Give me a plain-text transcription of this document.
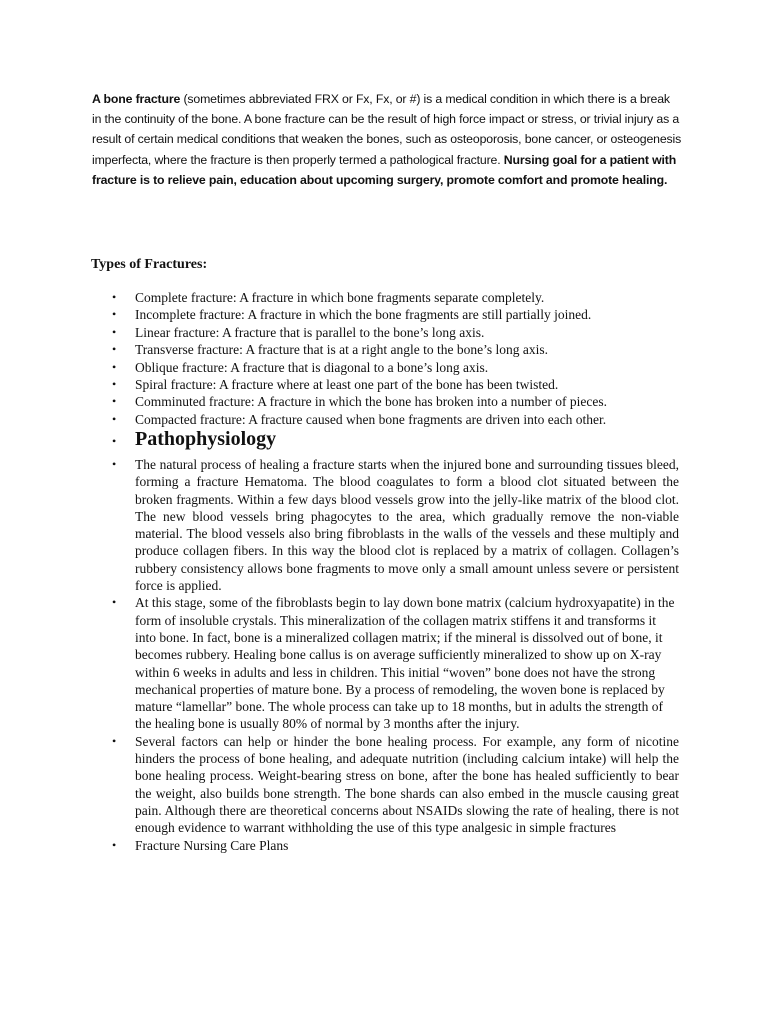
A bone fracture (sometimes abbreviated FRX or Fx, Fx, or #) is a medical condition in which there is a break in the continuity of the bone. A bone fracture can be the result of high force impact or stress, or trivial injury as a result of certain medical conditions that weaken the bones, such as osteoporosis, bone cancer, or osteogenesis imperfecta, where the fracture is then properly termed a pathological fracture. Nursing goal for a patient with fracture is to relieve pain, education about upcoming surgery, promote comfort and promote healing.

Types of Fractures:
• Complete fracture: A fracture in which bone fragments separate completely.
• Incomplete fracture: A fracture in which the bone fragments are still partially joined.
• Linear fracture: A fracture that is parallel to the bone’s long axis.
• Transverse fracture: A fracture that is at a right angle to the bone’s long axis.
• Oblique fracture: A fracture that is diagonal to a bone’s long axis.
• Spiral fracture: A fracture where at least one part of the bone has been twisted.
• Comminuted fracture: A fracture in which the bone has broken into a number of pieces.
• Compacted fracture: A fracture caused when bone fragments are driven into each other.
• Pathophysiology
• The natural process of healing a fracture starts when the injured bone and surrounding tissues bleed, forming a fracture Hematoma. The blood coagulates to form a blood clot situated between the broken fragments. Within a few days blood vessels grow into the jelly-like matrix of the blood clot. The new blood vessels bring phagocytes to the area, which gradually remove the non-viable material. The blood vessels also bring fibroblasts in the walls of the vessels and these multiply and produce collagen fibers. In this way the blood clot is replaced by a matrix of collagen. Collagen’s rubbery consistency allows bone fragments to move only a small amount unless severe or persistent force is applied.
• At this stage, some of the fibroblasts begin to lay down bone matrix (calcium hydroxyapatite) in the form of insoluble crystals. This mineralization of the collagen matrix stiffens it and transforms it into bone. In fact, bone is a mineralized collagen matrix; if the mineral is dissolved out of bone, it becomes rubbery. Healing bone callus is on average sufficiently mineralized to show up on X-ray within 6 weeks in adults and less in children. This initial “woven” bone does not have the strong mechanical properties of mature bone. By a process of remodeling, the woven bone is replaced by mature “lamellar” bone. The whole process can take up to 18 months, but in adults the strength of the healing bone is usually 80% of normal by 3 months after the injury.
• Several factors can help or hinder the bone healing process. For example, any form of nicotine hinders the process of bone healing, and adequate nutrition (including calcium intake) will help the bone healing process. Weight-bearing stress on bone, after the bone has healed sufficiently to bear the weight, also builds bone strength. The bone shards can also embed in the muscle causing great pain. Although there are theoretical concerns about NSAIDs slowing the rate of healing, there is not enough evidence to warrant withholding the use of this type analgesic in simple fractures
• Fracture Nursing Care Plans
